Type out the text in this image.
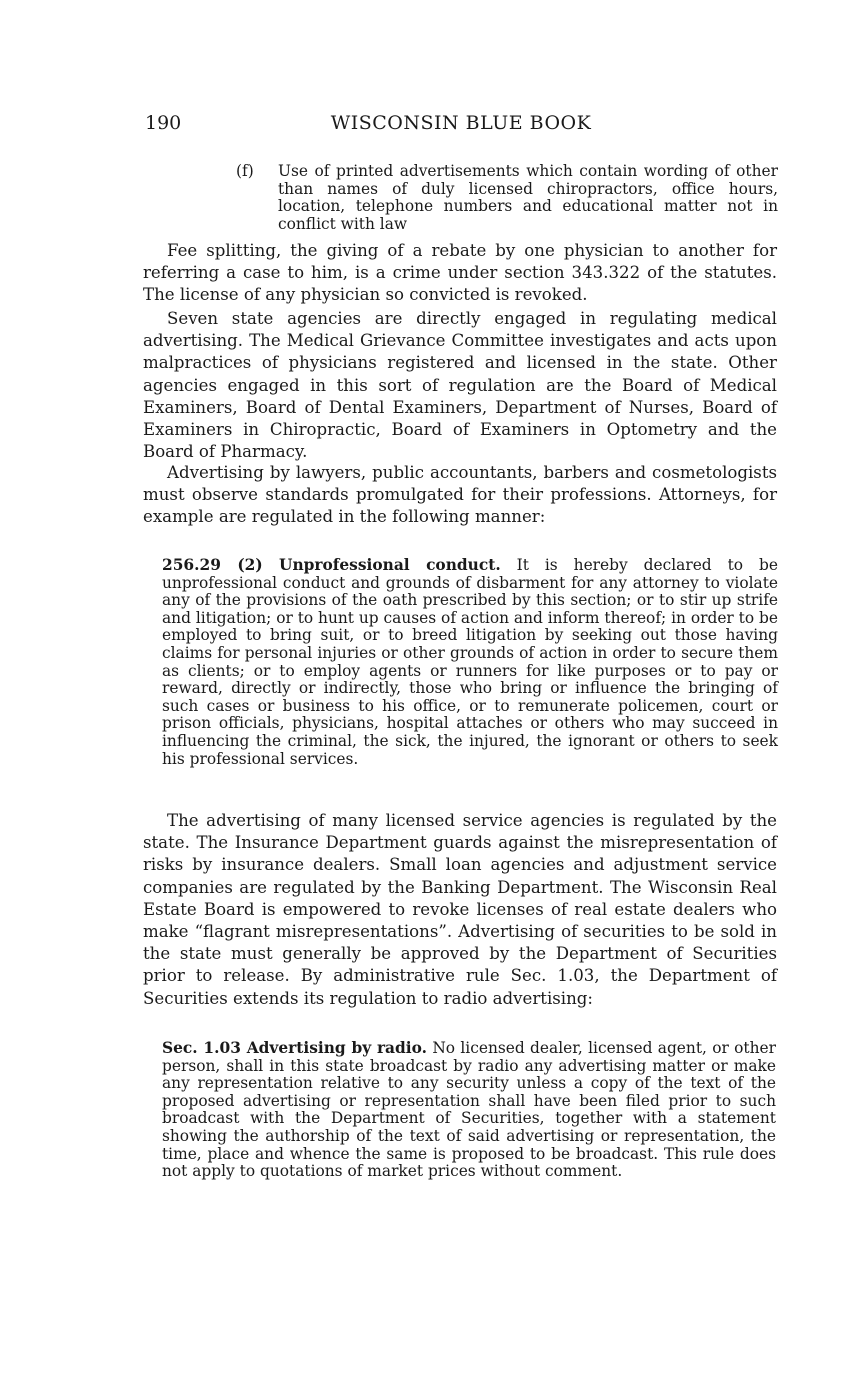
190	WISCONSIN BLUE BOOK
(f) Use of printed advertisements which contain wording of other than names of duly licensed chiropractors, office hours, location, telephone numbers and educational matter not in conflict with law
Fee splitting, the giving of a rebate by one physician to another for referring a case to him, is a crime under section 343.322 of the statutes. The license of any physician so convicted is revoked.
Seven state agencies are directly engaged in regulating medical advertising. The Medical Grievance Committee investigates and acts upon malpractices of physicians registered and licensed in the state. Other agencies engaged in this sort of regulation are the Board of Medical Examiners, Board of Dental Examiners, Department of Nurses, Board of Examiners in Chiropractic, Board of Examiners in Optometry and the Board of Pharmacy.
Advertising by lawyers, public accountants, barbers and cosmetologists must observe standards promulgated for their professions. Attorneys, for example are regulated in the following manner:
256.29 (2) Unprofessional conduct. It is hereby declared to be unprofessional conduct and grounds of disbarment for any attorney to violate any of the provisions of the oath prescribed by this section; or to stir up strife and litigation; or to hunt up causes of action and inform thereof; in order to be employed to bring suit, or to breed litigation by seeking out those having claims for personal injuries or other grounds of action in order to secure them as clients; or to employ agents or runners for like purposes or to pay or reward, directly or indirectly, those who bring or influence the bringing of such cases or business to his office, or to remunerate policemen, court or prison officials, physicians, hospital attaches or others who may succeed in influencing the criminal, the sick, the injured, the ignorant or others to seek his professional services.
The advertising of many licensed service agencies is regulated by the state. The Insurance Department guards against the misrepresentation of risks by insurance dealers. Small loan agencies and adjustment service companies are regulated by the Banking Department. The Wisconsin Real Estate Board is empowered to revoke licenses of real estate dealers who make “flagrant misrepresentations”. Advertising of securities to be sold in the state must generally be approved by the Department of Securities prior to release. By administrative rule Sec. 1.03, the Department of Securities extends its regulation to radio advertising:
Sec. 1.03 Advertising by radio. No licensed dealer, licensed agent, or other person, shall in this state broadcast by radio any advertising matter or make any representation relative to any security unless a copy of the text of the proposed advertising or representation shall have been filed prior to such broadcast with the Department of Securities, together with a statement showing the authorship of the text of said advertising or representation, the time, place and whence the same is proposed to be broadcast. This rule does not apply to quotations of market prices without comment.
